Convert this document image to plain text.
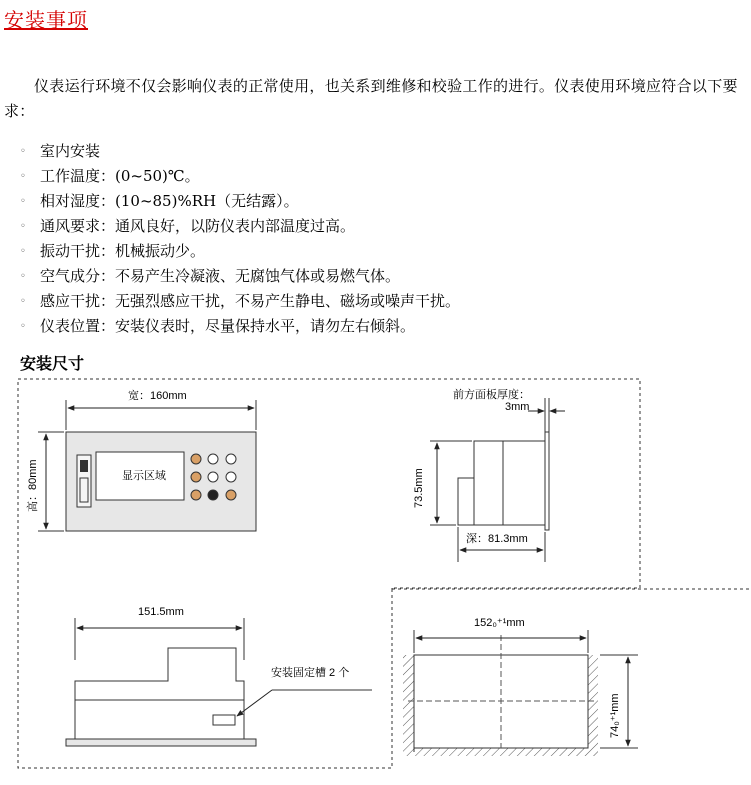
安装事项
仪表运行环境不仅会影响仪表的正常使用，也关系到维修和校验工作的进行。仪表使用环境应符合以下要求：
◦ 室内安装
◦ 工作温度：(0~50)℃。
◦ 相对湿度：(10~85)%RH（无结露）。
◦ 通风要求：通风良好，以防仪表内部温度过高。
◦ 振动干扰：机械振动少。
◦ 空气成分：不易产生冷凝液、无腐蚀气体或易燃气体。
◦ 感应干扰：无强烈感应干扰，不易产生静电、磁场或噪声干扰。
◦ 仪表位置：安装仪表时，尽量保持水平，请勿左右倾斜。
安装尺寸
宽：160mm
高：80mm	显示区域
前方面板厚度：
3mm
73.5mm
深：81.3mm
151.5mm
安装固定槽 2 个
152₀⁺¹mm
74₀⁺¹mm
